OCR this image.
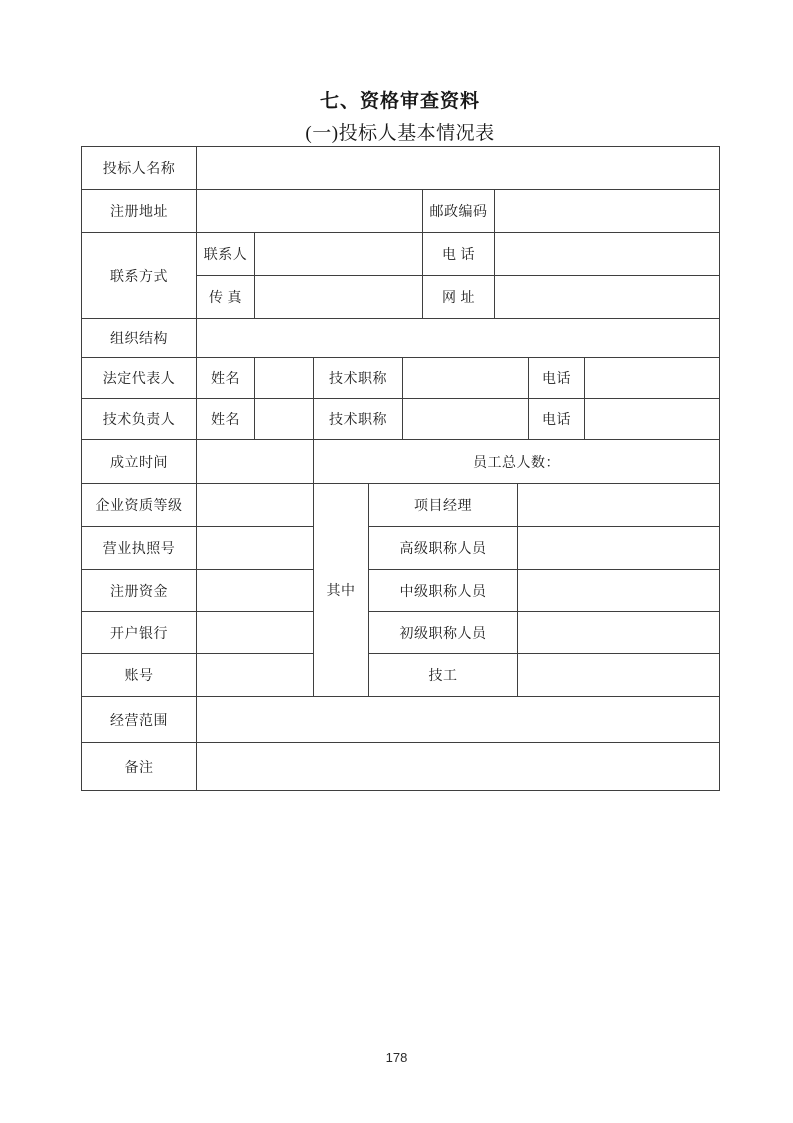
七、资格审查资料
(一)投标人基本情况表
投标人名称										
注册地址						邮政编码				
联系方式	联系人					电 话				
	传 真					网 址				
组织结构										
法定代表人	姓名		技术职称						电话	
技术负责人	姓名		技术职称						电话	
成立时间			员工总人数：							
企业资质等级			其中	项目经理						
营业执照号				高级职称人员						
注册资金				中级职称人员						
开户银行				初级职称人员						
账号				技工						
经营范围										
备注										
178
